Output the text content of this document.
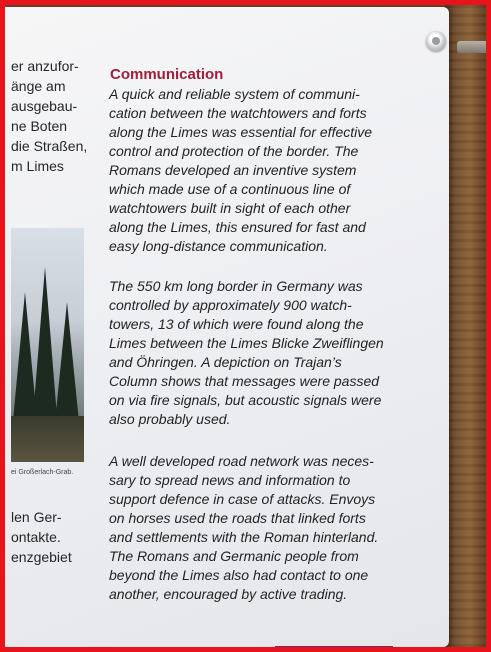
er anzufor-

änge am

ausgebau-

ne Boten

die Straßen,

m Limes

ei Großerlach-Grab.

len Ger-

ontakte.

enzgebiet

Communication

A quick and reliable system of communi-
cation between the watchtowers and forts
along the Limes was essential for effective
control and protection of the border. The
Romans developed an inventive system
which made use of a continuous line of
watchtowers built in sight of each other
along the Limes, this ensured for fast and
easy long-distance communication.

The 550 km long border in Germany was
controlled by approximately 900 watch-
towers, 13 of which were found along the
Limes between the Limes Blicke Zweiflingen
and Öhringen. A depiction on Trajan’s
Column shows that messages were passed
on via fire signals, but acoustic signals were
also probably used.

A well developed road network was neces-
sary to spread news and information to
support defence in case of attacks. Envoys
on horses used the roads that linked forts
and settlements with the Roman hinterland.
The Romans and Germanic people from
beyond the Limes also had contact to one
another, encouraged by active trading.
